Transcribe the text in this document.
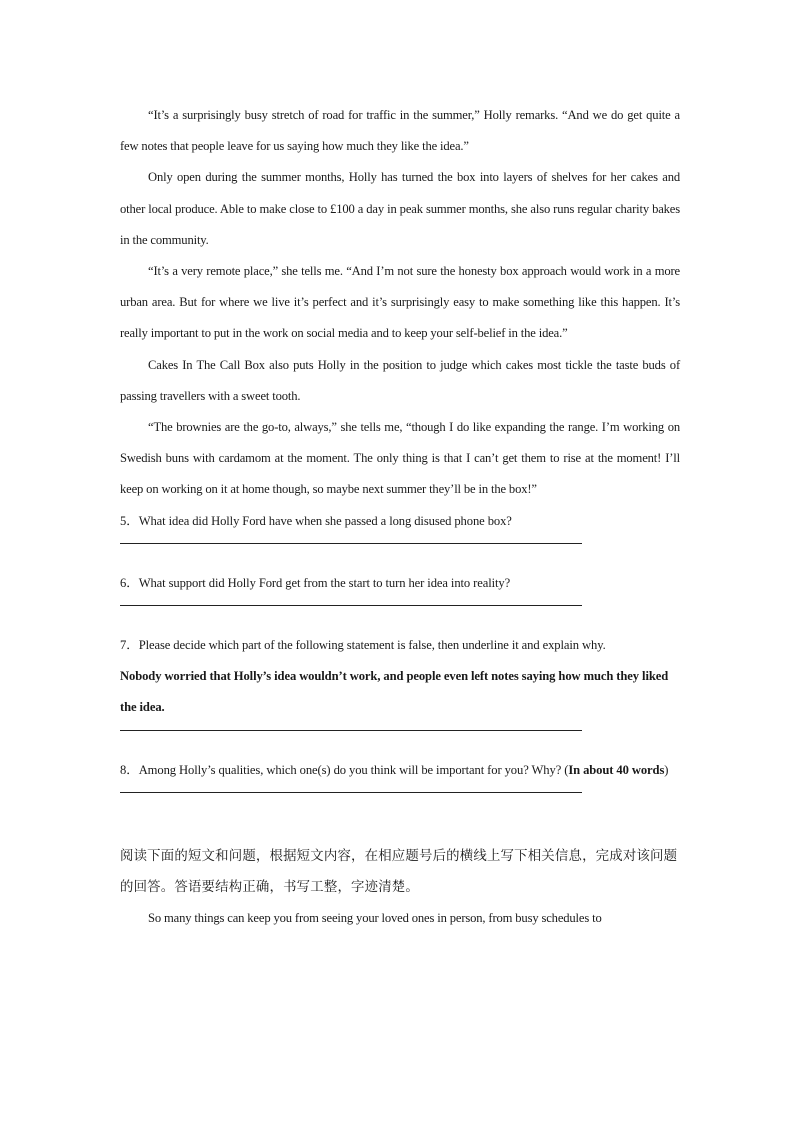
“It’s a surprisingly busy stretch of road for traffic in the summer,” Holly remarks. “And we do get quite a few notes that people leave for us saying how much they like the idea.”

Only open during the summer months, Holly has turned the box into layers of shelves for her cakes and other local produce. Able to make close to £100 a day in peak summer months, she also runs regular charity bakes in the community.

“It’s a very remote place,” she tells me. “And I’m not sure the honesty box approach would work in a more urban area. But for where we live it’s perfect and it’s surprisingly easy to make something like this happen. It’s really important to put in the work on social media and to keep your self-belief in the idea.”

Cakes In The Call Box also puts Holly in the position to judge which cakes most tickle the taste buds of passing travellers with a sweet tooth.

“The brownies are the go-to, always,” she tells me, “though I do like expanding the range. I’m working on Swedish buns with cardamom at the moment. The only thing is that I can’t get them to rise at the moment! I’ll keep on working on it at home though, so maybe next summer they’ll be in the box!”

5．What idea did Holly Ford have when she passed a long disused phone box?

6．What support did Holly Ford get from the start to turn her idea into reality?

7．Please decide which part of the following statement is false, then underline it and explain why.

Nobody worried that Holly’s idea wouldn’t work, and people even left notes saying how much they liked the idea.

8．Among Holly’s qualities, which one(s) do you think will be important for you? Why? (In about 40 words)

阅读下面的短文和问题，根据短文内容，在相应题号后的横线上写下相关信息，完成对该问题的回答。答语要结构正确，书写工整，字迹清楚。

So many things can keep you from seeing your loved ones in person, from busy schedules to
